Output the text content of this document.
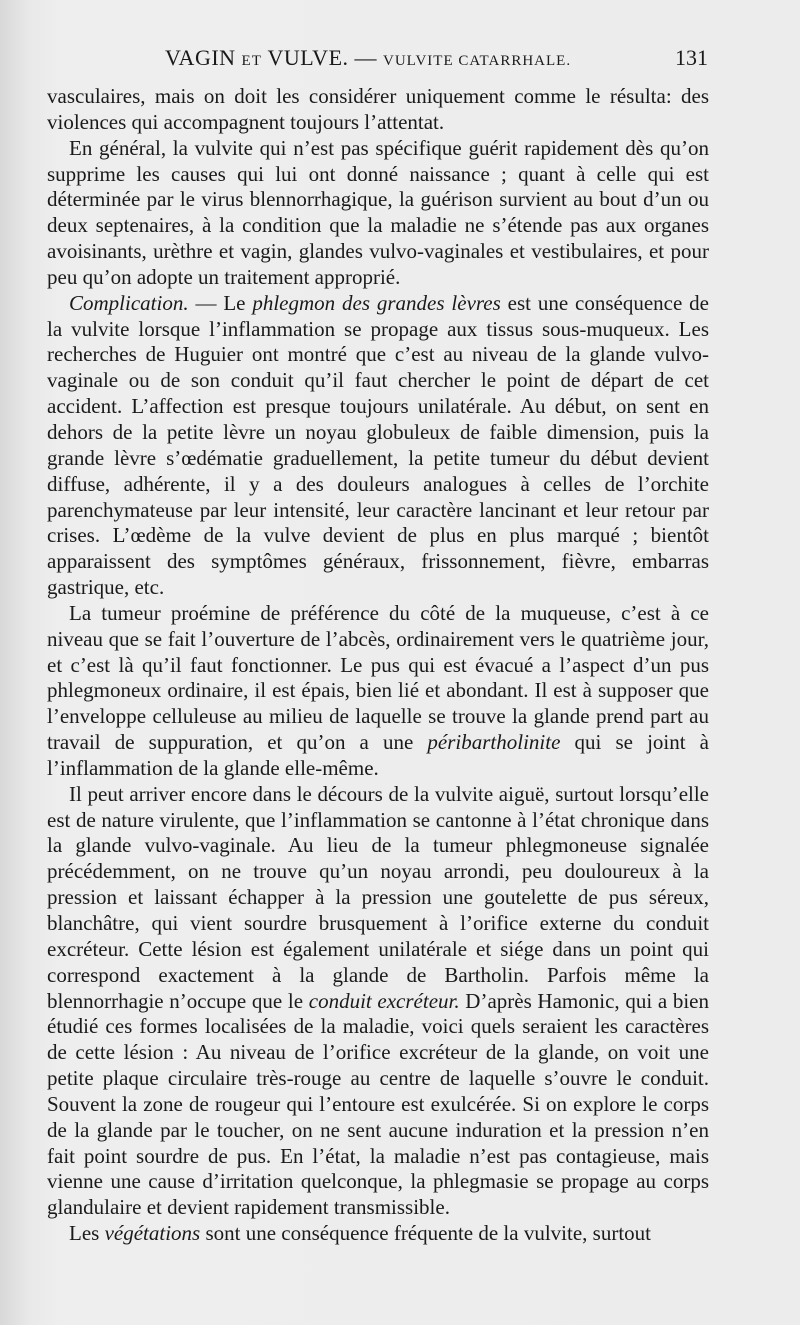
VAGIN ET VULVE. — VULVITE CATARRHALE.	131

vasculaires, mais on doit les considérer uniquement comme le résulta: des violences qui accompagnent toujours l’attentat.

En général, la vulvite qui n’est pas spécifique guérit rapidement dès qu’on supprime les causes qui lui ont donné naissance ; quant à celle qui est déterminée par le virus blennorrhagique, la guérison survient au bout d’un ou deux septenaires, à la condition que la maladie ne s’étende pas aux organes avoisinants, urèthre et vagin, glandes vulvo-vaginales et vestibulaires, et pour peu qu’on adopte un traitement approprié.

Complication. — Le phlegmon des grandes lèvres est une conséquence de la vulvite lorsque l’inflammation se propage aux tissus sous-muqueux. Les recherches de Huguier ont montré que c’est au niveau de la glande vulvo-vaginale ou de son conduit qu’il faut chercher le point de départ de cet accident. L’affection est presque toujours unilatérale. Au début, on sent en dehors de la petite lèvre un noyau globuleux de faible dimension, puis la grande lèvre s’œdématie graduellement, la petite tumeur du début devient diffuse, adhérente, il y a des douleurs analogues à celles de l’orchite parenchymateuse par leur intensité, leur caractère lancinant et leur retour par crises. L’œdème de la vulve devient de plus en plus marqué ; bientôt apparaissent des symptômes généraux, frissonnement, fièvre, embarras gastrique, etc.

La tumeur proémine de préférence du côté de la muqueuse, c’est à ce niveau que se fait l’ouverture de l’abcès, ordinairement vers le quatrième jour, et c’est là qu’il faut fonctionner. Le pus qui est évacué a l’aspect d’un pus phlegmoneux ordinaire, il est épais, bien lié et abondant. Il est à supposer que l’enveloppe celluleuse au milieu de laquelle se trouve la glande prend part au travail de suppuration, et qu’on a une péribartholinite qui se joint à l’inflammation de la glande elle-même.

Il peut arriver encore dans le décours de la vulvite aiguë, surtout lorsqu’elle est de nature virulente, que l’inflammation se cantonne à l’état chronique dans la glande vulvo-vaginale. Au lieu de la tumeur phlegmoneuse signalée précédemment, on ne trouve qu’un noyau arrondi, peu douloureux à la pression et laissant échapper à la pression une goutelette de pus séreux, blanchâtre, qui vient sourdre brusquement à l’orifice externe du conduit excréteur. Cette lésion est également unilatérale et siége dans un point qui correspond exactement à la glande de Bartholin. Parfois même la blennorrhagie n’occupe que le conduit excréteur. D’après Hamonic, qui a bien étudié ces formes localisées de la maladie, voici quels seraient les caractères de cette lésion : Au niveau de l’orifice excréteur de la glande, on voit une petite plaque circulaire très-rouge au centre de laquelle s’ouvre le conduit. Souvent la zone de rougeur qui l’entoure est exulcérée. Si on explore le corps de la glande par le toucher, on ne sent aucune induration et la pression n’en fait point sourdre de pus. En l’état, la maladie n’est pas contagieuse, mais vienne une cause d’irritation quelconque, la phlegmasie se propage au corps glandulaire et devient rapidement transmissible.

Les végétations sont une conséquence fréquente de la vulvite, surtout
